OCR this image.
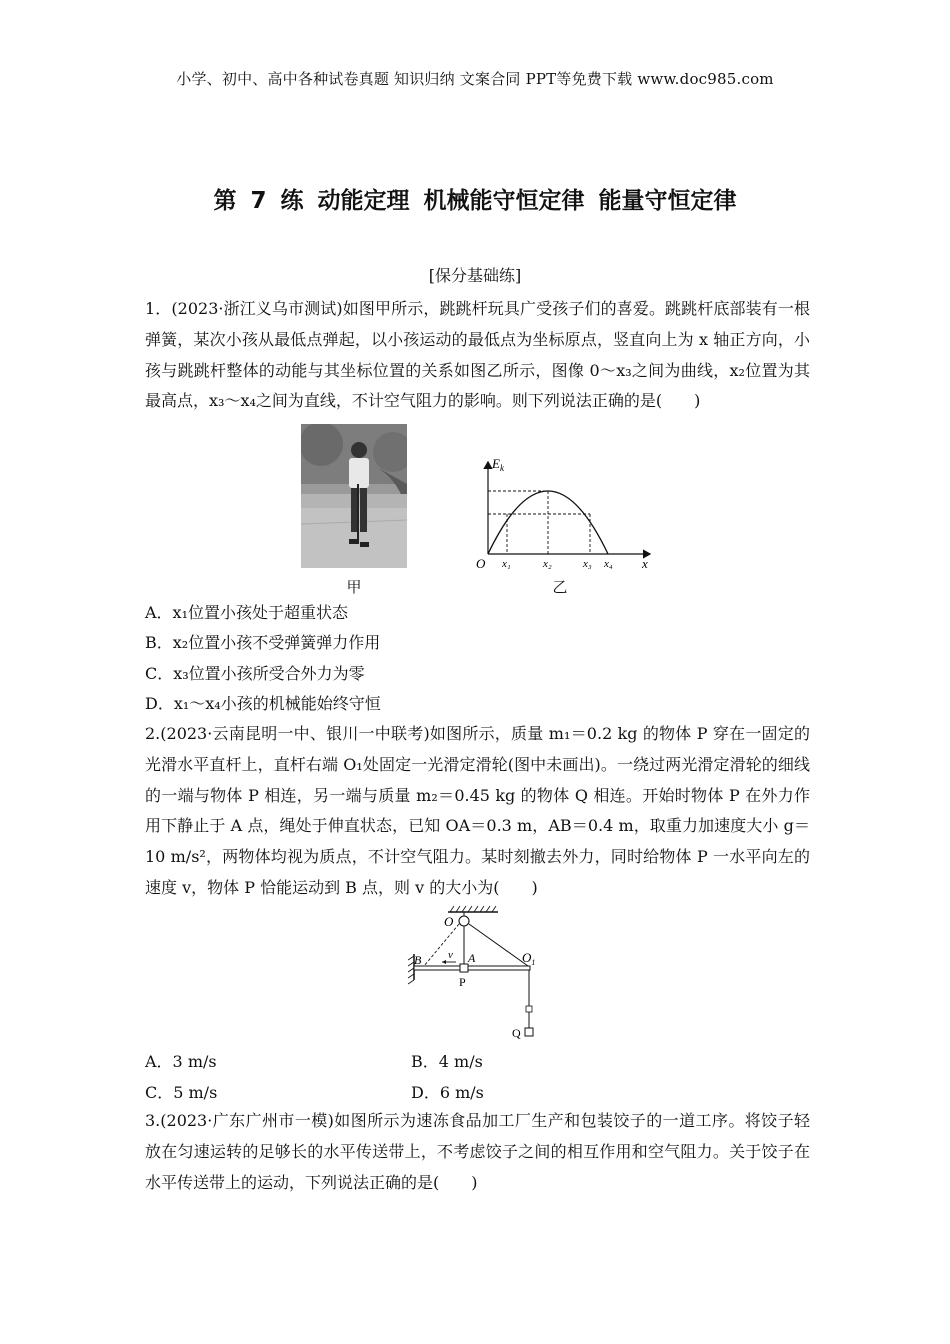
小学、初中、高中各种试卷真题 知识归纳 文案合同 PPT等免费下载 www.doc985.com
第 7 练 动能定理 机械能守恒定律 能量守恒定律
[保分基础练]
1．(2023·浙江义乌市测试)如图甲所示，跳跳杆玩具广受孩子们的喜爱。跳跳杆底部装有一根弹簧，某次小孩从最低点弹起，以小孩运动的最低点为坐标原点，竖直向上为 x 轴正方向，小孩与跳跳杆整体的动能与其坐标位置的关系如图乙所示，图像 0～x₃之间为曲线，x₂位置为其最高点，x₃～x₄之间为直线，不计空气阻力的影响。则下列说法正确的是(　　)
甲
$E_k$
O	x
x₁	x₂	x₃ x₄
乙
A．x₁位置小孩处于超重状态
B．x₂位置小孩不受弹簧弹力作用
C．x₃位置小孩所受合外力为零
D．x₁～x₄小孩的机械能始终守恒
2.(2023·云南昆明一中、银川一中联考)如图所示，质量 m₁＝0.2 kg 的物体 P 穿在一固定的光滑水平直杆上，直杆右端 O₁处固定一光滑定滑轮(图中未画出)。一绕过两光滑定滑轮的细线的一端与物体 P 相连，另一端与质量 m₂＝0.45 kg 的物体 Q 相连。开始时物体 P 在外力作用下静止于 A 点，绳处于伸直状态，已知 OA＝0.3 m，AB＝0.4 m，取重力加速度大小 g＝10 m/s²，两物体均视为质点，不计空气阻力。某时刻撤去外力，同时给物体 P 一水平向左的速度 v，物体 P 恰能运动到 B 点，则 v 的大小为(　　)
O
$O_1$
B	A
v
P
Q
A．3 m/s	B．4 m/s
C．5 m/s	D．6 m/s
3.(2023·广东广州市一模)如图所示为速冻食品加工厂生产和包装饺子的一道工序。将饺子轻放在匀速运转的足够长的水平传送带上，不考虑饺子之间的相互作用和空气阻力。关于饺子在水平传送带上的运动，下列说法正确的是(　　)
